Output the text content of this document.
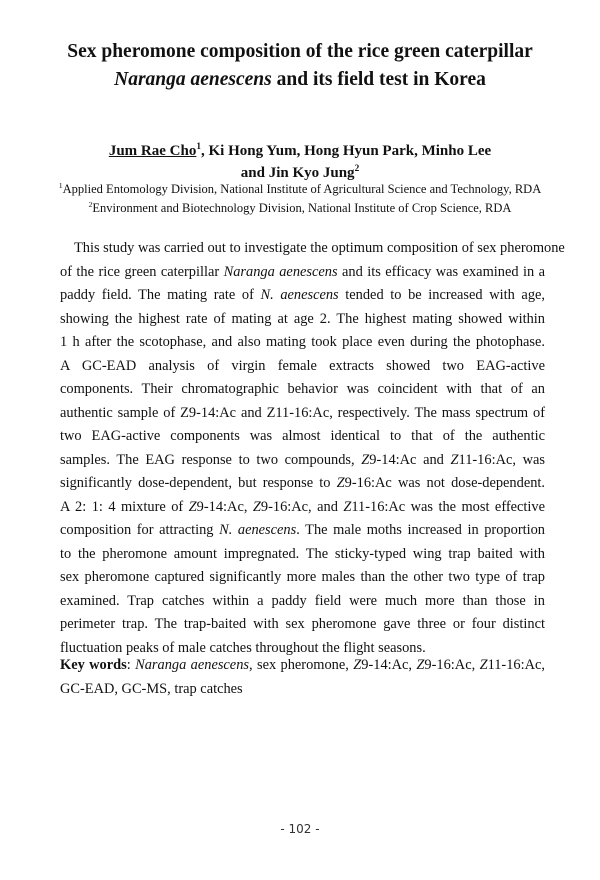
Sex pheromone composition of the rice green caterpillar
Naranga aenescens and its field test in Korea
Jum Rae Cho$^1$, Ki Hong Yum, Hong Hyun Park, Minho Lee
and Jin Kyo Jung$^2$
$^1$Applied Entomology Division, National Institute of Agricultural Science and Technology, RDA
$^2$Environment and Biotechnology Division, National Institute of Crop Science, RDA
This study was carried out to investigate the optimum composition of sex pheromone
of the rice green caterpillar Naranga aenescens and its efficacy was examined in a
paddy field. The mating rate of N. aenescens tended to be increased with age,
showing the highest rate of mating at age 2. The highest mating showed within
1 h after the scotophase, and also mating took place even during the photophase.
A GC-EAD analysis of virgin female extracts showed two EAG-active
components. Their chromatographic behavior was coincident with that of an
authentic sample of Z9-14:Ac and Z11-16:Ac, respectively. The mass spectrum of
two EAG-active components was almost identical to that of the authentic
samples. The EAG response to two compounds, Z9-14:Ac and Z11-16:Ac, was
significantly dose-dependent, but response to Z9-16:Ac was not dose-dependent.
A 2: 1: 4 mixture of Z9-14:Ac, Z9-16:Ac, and Z11-16:Ac was the most effective
composition for attracting N. aenescens. The male moths increased in proportion
to the pheromone amount impregnated. The sticky-typed wing trap baited with
sex pheromone captured significantly more males than the other two type of trap
examined. Trap catches within a paddy field were much more than those in
perimeter trap. The trap-baited with sex pheromone gave three or four distinct
fluctuation peaks of male catches throughout the flight seasons.
Key words: Naranga aenescens, sex pheromone, Z9-14:Ac, Z9-16:Ac, Z11-16:Ac,
GC-EAD, GC-MS, trap catches
- 102 -
